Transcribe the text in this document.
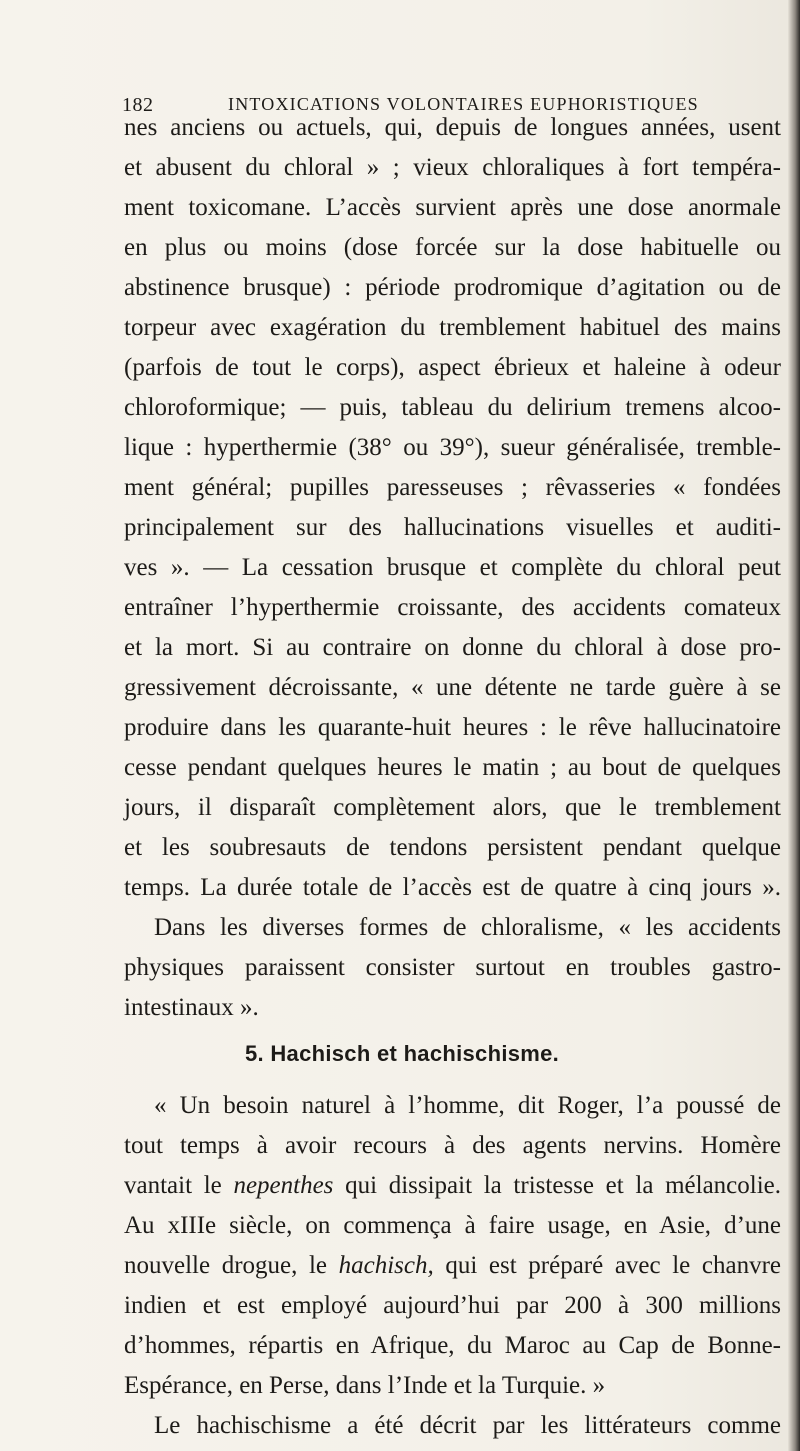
182	INTOXICATIONS VOLONTAIRES EUPHORISTIQUES
nes anciens ou actuels, qui, depuis de longues années, usent
et abusent du chloral » ; vieux chloraliques à fort tempéra-
ment toxicomane. L’accès survient après une dose anormale
en plus ou moins (dose forcée sur la dose habituelle ou
abstinence brusque) : période prodromique d’agitation ou de
torpeur avec exagération du tremblement habituel des mains
(parfois de tout le corps), aspect ébrieux et haleine à odeur
chloroformique; — puis, tableau du delirium tremens alcoo-
lique : hyperthermie (38° ou 39°), sueur généralisée, tremble-
ment général; pupilles paresseuses ; rêvasseries « fondées
principalement sur des hallucinations visuelles et auditi-
ves ». — La cessation brusque et complète du chloral peut
entraîner l’hyperthermie croissante, des accidents comateux
et la mort. Si au contraire on donne du chloral à dose pro-
gressivement décroissante, « une détente ne tarde guère à se
produire dans les quarante-huit heures : le rêve hallucinatoire
cesse pendant quelques heures le matin ; au bout de quelques
jours, il disparaît complètement alors, que le tremblement
et les soubresauts de tendons persistent pendant quelque
temps. La durée totale de l’accès est de quatre à cinq jours ».
Dans les diverses formes de chloralisme, « les accidents
physiques paraissent consister surtout en troubles gastro-
intestinaux ».
5. Hachisch et hachischisme.
« Un besoin naturel à l’homme, dit Roger, l’a poussé de
tout temps à avoir recours à des agents nervins. Homère
vantait le nepenthes qui dissipait la tristesse et la mélancolie.
Au xIIIe siècle, on commença à faire usage, en Asie, d’une
nouvelle drogue, le hachisch, qui est préparé avec le chanvre
indien et est employé aujourd’hui par 200 à 300 millions
d’hommes, répartis en Afrique, du Maroc au Cap de Bonne-
Espérance, en Perse, dans l’Inde et la Turquie. »
Le hachischisme a été décrit par les littérateurs comme
